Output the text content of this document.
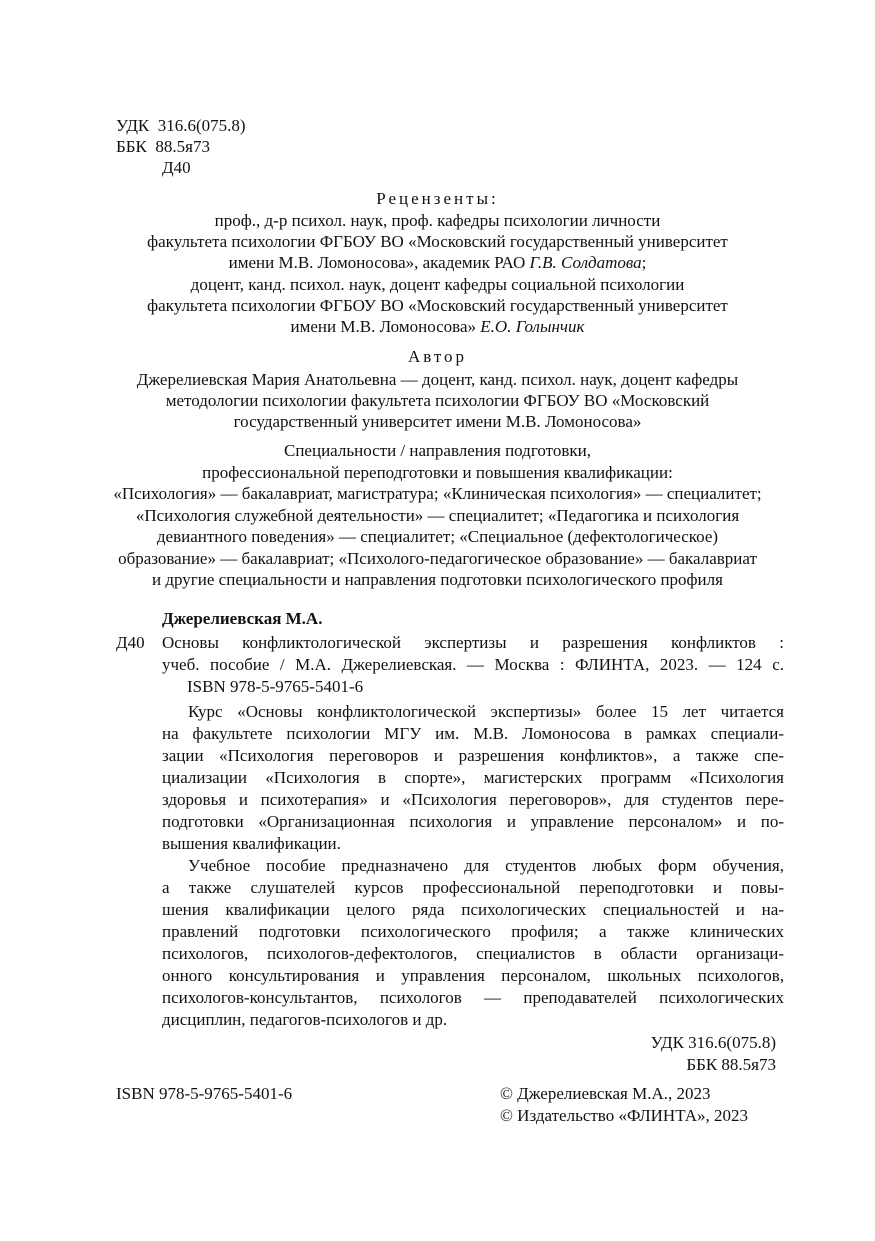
УДК 316.6(075.8)

ББК 88.5я73

Д40

Рецензенты:

проф., д-р психол. наук, проф. кафедры психологии личности

факультета психологии ФГБОУ ВО «Московский государственный университет

имени М.В. Ломоносова», академик РАО Г.В. Солдатова;

доцент, канд. психол. наук, доцент кафедры социальной психологии

факультета психологии ФГБОУ ВО «Московский государственный университет

имени М.В. Ломоносова» Е.О. Голынчик

Автор

Джерелиевская Мария Анатольевна — доцент, канд. психол. наук, доцент кафедры

методологии психологии факультета психологии ФГБОУ ВО «Московский

государственный университет имени М.В. Ломоносова»

Специальности / направления подготовки,

профессиональной переподготовки и повышения квалификации:

«Психология» — бакалавриат, магистратура; «Клиническая психология» — специалитет;

«Психология служебной деятельности» — специалитет; «Педагогика и психология

девиантного поведения» — специалитет; «Специальное (дефектологическое)

образование» — бакалавриат; «Психолого-педагогическое образование» — бакалавриат

и другие специальности и направления подготовки психологического профиля

Джерелиевская М.А.

Д40 Основы конфликтологической экспертизы и разрешения конфликтов :

учеб. пособие / М.А. Джерелиевская. — Москва : ФЛИНТА, 2023. — 124 с.

ISBN 978-5-9765-5401-6

Курс «Основы конфликтологической экспертизы» более 15 лет читается

на факультете психологии МГУ им. М.В. Ломоносова в рамках специали-

зации «Психология переговоров и разрешения конфликтов», а также спе-

циализации «Психология в спорте», магистерских программ «Психология

здоровья и психотерапия» и «Психология переговоров», для студентов пере-

подготовки «Организационная психология и управление персоналом» и по-

вышения квалификации.

Учебное пособие предназначено для студентов любых форм обучения,

а также слушателей курсов профессиональной переподготовки и повы-

шения квалификации целого ряда психологических специальностей и на-

правлений подготовки психологического профиля; а также клинических

психологов, психологов-дефектологов, специалистов в области организаци-

онного консультирования и управления персоналом, школьных психологов,

психологов-консультантов, психологов — преподавателей психологических

дисциплин, педагогов-психологов и др.

УДК 316.6(075.8)

ББК 88.5я73

ISBN 978-5-9765-5401-6	© Джерелиевская М.А., 2023

© Издательство «ФЛИНТА», 2023
